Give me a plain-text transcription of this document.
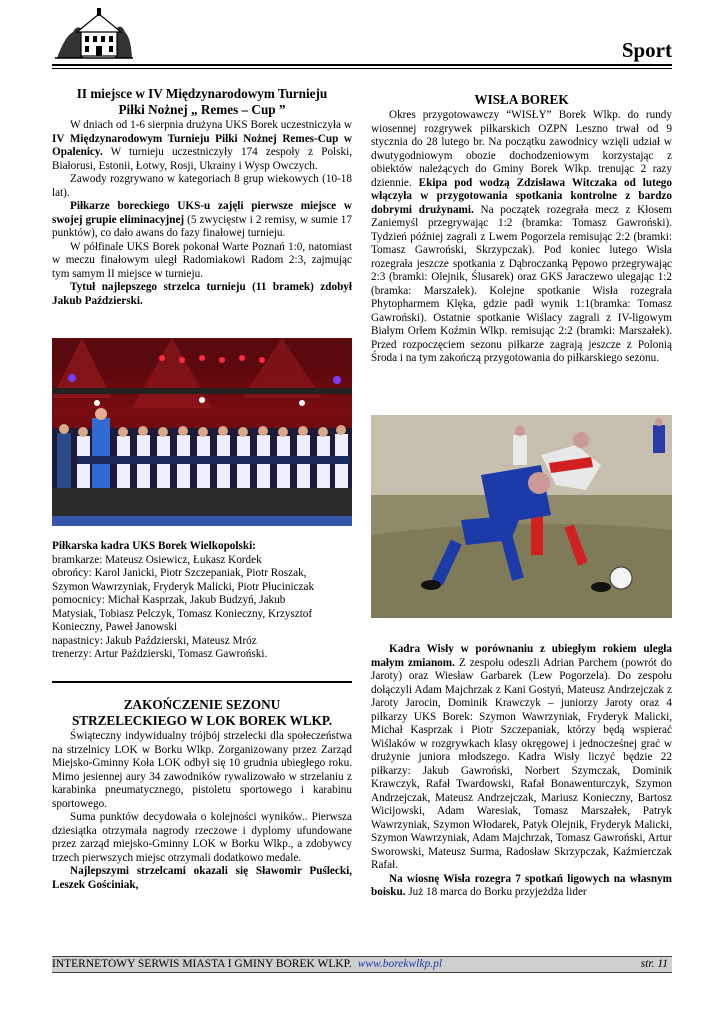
Sport
II miejsce w IV Międzynarodowym Turnieju
Piłki Nożnej „ Remes – Cup ”

W dniach od 1-6 sierpnia drużyna UKS Borek uczestniczyła w IV Międzynarodowym Turnieju Piłki Nożnej Remes-Cup w Opalenicy. W turnieju uczestniczyły 174 zespoły z Polski, Białorusi, Estonii, Łotwy, Rosji, Ukrainy i Wysp Owczych.

Zawody rozgrywano w kategoriach 8 grup wiekowych (10-18 lat).

Piłkarze boreckiego UKS-u zajęli pierwsze miejsce w swojej grupie eliminacyjnej (5 zwycięstw i 2 remisy, w sumie 17 punktów), co dało awans do fazy finałowej turnieju.

W półfinale UKS Borek pokonał Warte Poznań 1:0, natomiast w meczu finałowym uległ Radomiakowi Radom 2:3, zajmując tym samym II miejsce w turnieju.

Tytuł najlepszego strzelca turnieju (11 bramek) zdobył Jakub Paździerski.

Piłkarska kadra UKS Borek Wielkopolski:
bramkarze: Mateusz Osiewicz, Łukasz Kordek
obrońcy: Karol Janicki, Piotr Szczepaniak, Piotr Roszak,
Szymon Wawrzyniak, Fryderyk Malicki, Piotr Płuciniczak
pomocnicy: Michał Kasprzak, Jakub Budzyń, Jakub
Matysiak, Tobiasz Pelczyk, Tomasz Konieczny, Krzysztof
Konieczny, Paweł Janowski
napastnicy: Jakub Paździerski, Mateusz Mróz
trenerzy: Artur Paździerski, Tomasz Gawroński.
ZAKOŃCZENIE SEZONU
STRZELECKIEGO W LOK BOREK WLKP.

Świąteczny indywidualny trójbój strzelecki dla społeczeństwa na strzelnicy LOK w Borku Wlkp. Zorganizowany przez Zarząd Miejsko-Gminny Koła LOK odbył się 10 grudnia ubiegłego roku. Mimo jesiennej aury 34 zawodników rywalizowało w strzelaniu z karabinka pneumatycznego, pistoletu sportowego i karabinu sportowego.

Suma punktów decydowała o kolejności wyników.. Pierwsza dziesiątka otrzymała nagrody rzeczowe i dyplomy ufundowane przez zarząd miejsko-Gminny LOK w Borku Wlkp., a zdobywcy trzech pierwszych miejsc otrzymali dodatkowo medale.

Najlepszymi strzelcami okazali się Sławomir Puślecki, Leszek Gościniak,

WISŁA BOREK

Okres przygotowawczy “WISŁY” Borek Wlkp. do rundy wiosennej rozgrywek piłkarskich OZPN Leszno trwał od 9 stycznia do 28 lutego br. Na początku zawodnicy wzięli udział w dwutygodniowym obozie dochodzeniowym korzystając z obiektów należących do Gminy Borek Wlkp. trenując 2 razy dziennie. Ekipa pod wodzą Zdzisława Witczaka od lutego włączyła w przygotowania spotkania kontrolne z bardzo dobrymi drużynami. Na początek rozegrała mecz z Kłosem Zaniemyśl przegrywając 1:2 (bramka: Tomasz Gawroński). Tydzień później zagrali z Lwem Pogorzela remisując 2:2 (bramki: Tomasz Gawroński, Skrzypczak). Pod koniec lutego Wisła rozegrała jeszcze spotkania z Dąbroczanką Pępowo przegrywając 2:3 (bramki: Olejnik, Ślusarek) oraz GKS Jaraczewo ulegając 1:2 (bramka: Marszałek). Kolejne spotkanie Wisła rozegrała Phytopharmem Klęka, gdzie padł wynik 1:1(bramka: Tomasz Gawroński). Ostatnie spotkanie Wiślacy zagrali z IV-ligowym Białym Orłem Koźmin Wlkp. remisując 2:2 (bramki: Marszałek). Przed rozpoczęciem sezonu piłkarze zagrają jeszcze z Polonią Środa i na tym zakończą przygotowania do piłkarskiego sezonu.

Kadra Wisły w porównaniu z ubiegłym rokiem uległa małym zmianom. Z zespołu odeszli Adrian Parchem (powrót do Jaroty) oraz Wiesław Garbarek (Lew Pogorzela). Do zespołu dołączyli Adam Majchrzak z Kani Gostyń, Mateusz Andrzejczak z Jaroty Jarocin, Dominik Krawczyk – juniorzy Jaroty oraz 4 piłkarzy UKS Borek: Szymon Wawrzyniak, Fryderyk Malicki, Michał Kasprzak i Piotr Szczepaniak, którzy będą wspierać Wiślaków w rozgrywkach klasy okręgowej i jednocześnej grać w drużynie juniora młodszego. Kadra Wisły liczyć będzie 22 piłkarzy: Jakub Gawroński, Norbert Szymczak, Dominik Krawczyk, Rafał Twardowski, Rafał Bonawenturczyk, Szymon Andrzejczak, Mateusz Andrzejczak, Mariusz Konieczny, Bartosz Wicijowski, Adam Waresiak, Tomasz Marszałek, Patryk Wawrzyniak, Szymon Włodarek, Patyk Olejnik, Fryderyk Malicki, Szymon Wawrzyniak, Adam Majchrzak, Tomasz Gawroński, Artur Sworowski, Mateusz Surma, Radosław Skrzypczak, Kaźmierczak Rafał.

Na wiosnę Wisła rozegra 7 spotkań ligowych na własnym boisku. Już 18 marca do Borku przyjeżdża lider

INTERNETOWY SERWIS MIASTA I GMINY BOREK WLKP. www.borekwlkp.pl	str. 11
